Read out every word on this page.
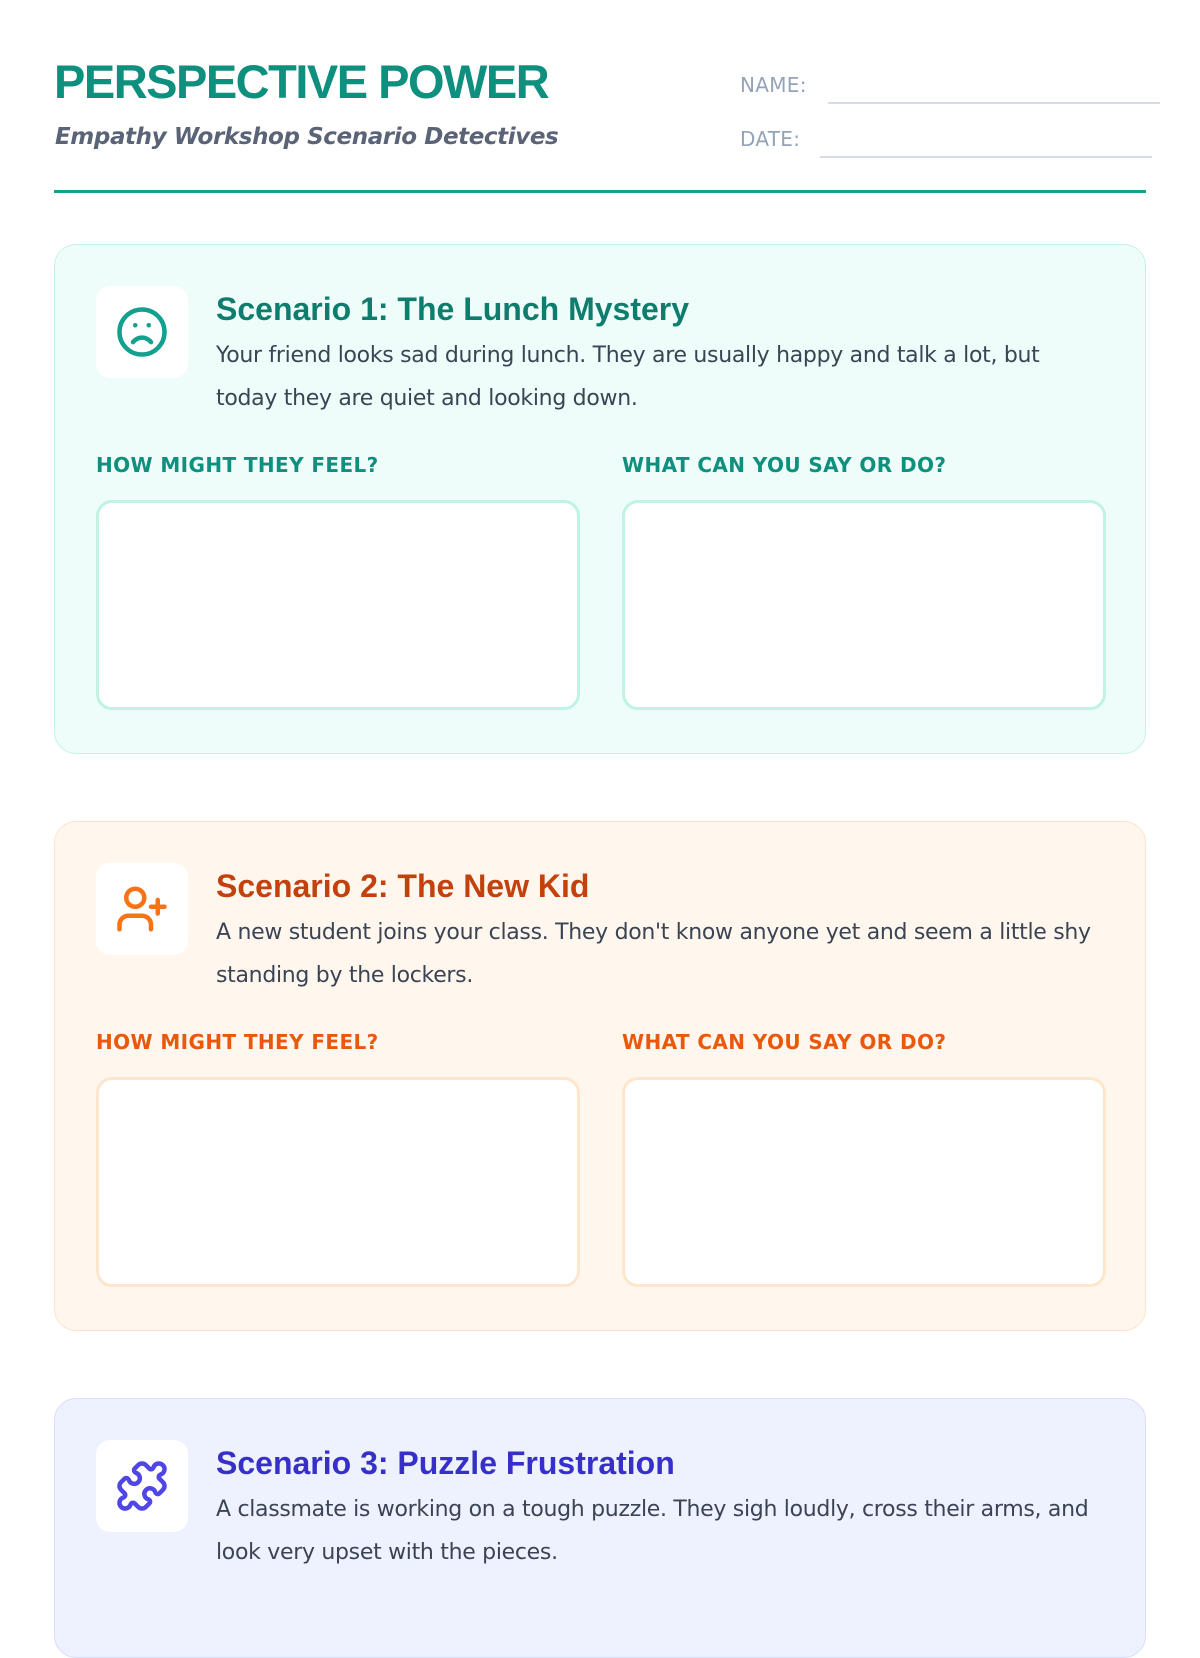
PERSPECTIVE POWER

Empathy Workshop Scenario Detectives

NAME:
DATE:
Scenario 1: The Lunch Mystery

Your friend looks sad during lunch. They are usually happy and talk a lot, but today they are quiet and looking down.

HOW MIGHT THEY FEEL?	WHAT CAN YOU SAY OR DO?

Scenario 2: The New Kid

A new student joins your class. They don't know anyone yet and seem a little shy standing by the lockers.

HOW MIGHT THEY FEEL?	WHAT CAN YOU SAY OR DO?

Scenario 3: Puzzle Frustration

A classmate is working on a tough puzzle. They sigh loudly, cross their arms, and look very upset with the pieces.
